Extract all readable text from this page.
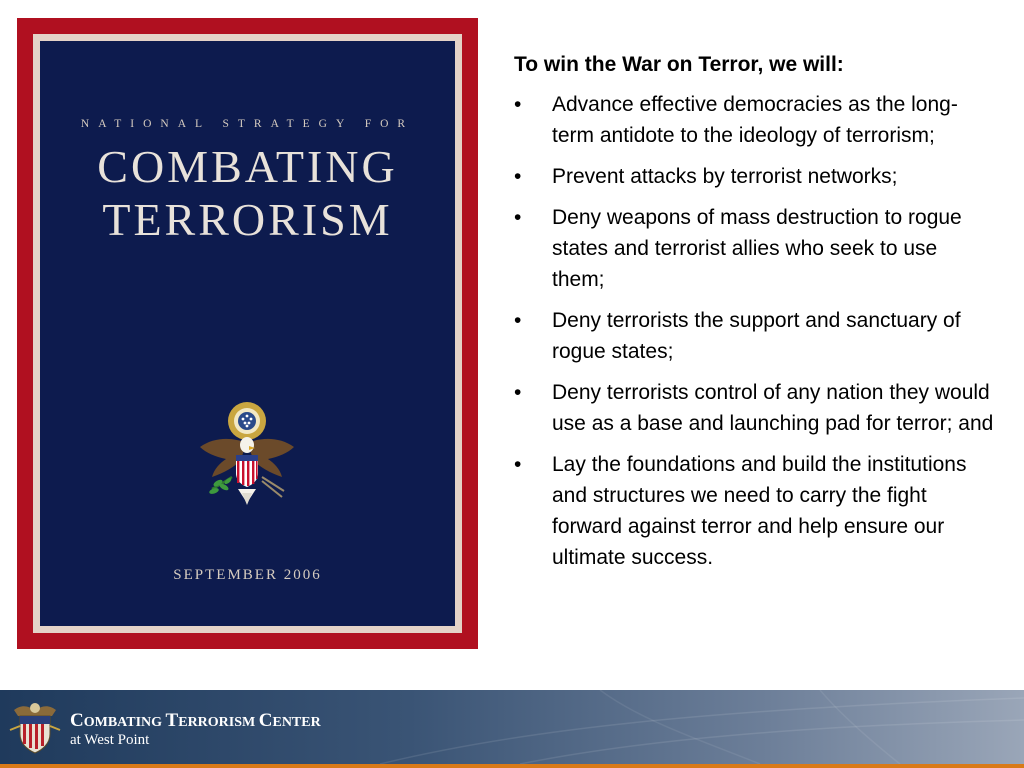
NATIONAL STRATEGY FOR
COMBATING
TERRORISM
SEPTEMBER 2006
To win the War on Terror, we will:
• Advance effective democracies as the long-term antidote to the ideology of terrorism;
• Prevent attacks by terrorist networks;
• Deny weapons of mass destruction to rogue states and terrorist allies who seek to use them;
• Deny terrorists the support and sanctuary of rogue states;
• Deny terrorists control of any nation they would use as a base and launching pad for terror; and
• Lay the foundations and build the institutions and structures we need to carry the fight forward against terror and help ensure our ultimate success.
COMBATING TERRORISM CENTER
at West Point
